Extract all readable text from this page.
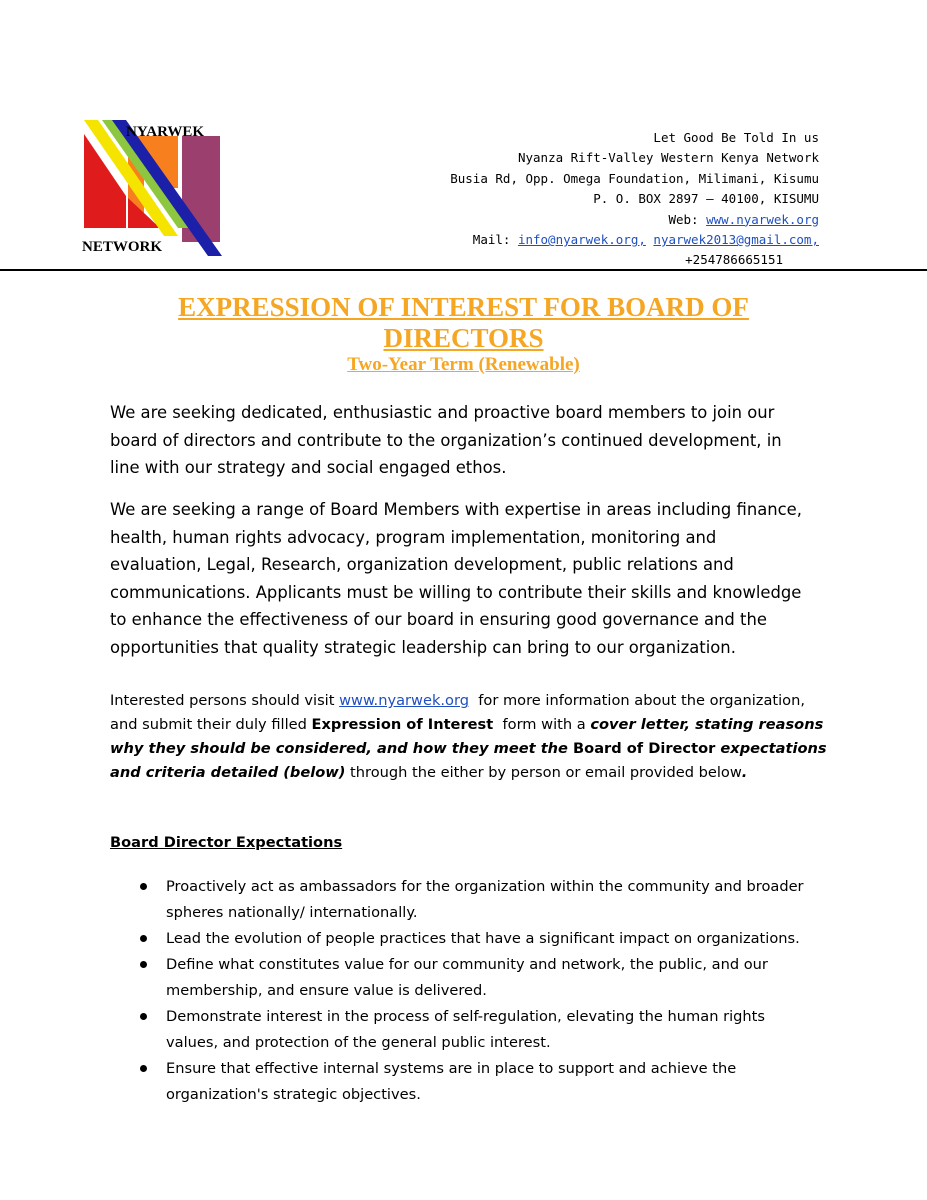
NYARWEK
NETWORK
Let Good Be Told In us
Nyanza Rift-Valley Western Kenya Network
Busia Rd, Opp. Omega Foundation, Milimani, Kisumu
P. O. BOX 2897 – 40100, KISUMU
Web: www.nyarwek.org
Mail: info@nyarwek.org, nyarwek2013@gmail.com,
+254786665151
EXPRESSION OF INTEREST FOR BOARD OF DIRECTORS
Two-Year Term (Renewable)
We are seeking dedicated, enthusiastic and proactive board members to join our board of directors and contribute to the organization’s continued development, in line with our strategy and social engaged ethos.
We are seeking a range of Board Members with expertise in areas including finance, health, human rights advocacy, program implementation, monitoring and evaluation, Legal, Research, organization development, public relations and communications. Applicants must be willing to contribute their skills and knowledge to enhance the effectiveness of our board in ensuring good governance and the opportunities that quality strategic leadership can bring to our organization.
Interested persons should visit www.nyarwek.org  for more information about the organization, and submit their duly filled Expression of Interest  form with a cover letter, stating reasons why they should be considered, and how they meet the Board of Director expectations and criteria detailed (below) through the either by person or email provided below.
Board Director Expectations
Proactively act as ambassadors for the organization within the community and broader spheres nationally/ internationally.
Lead the evolution of people practices that have a significant impact on organizations.
Define what constitutes value for our community and network, the public, and our membership, and ensure value is delivered.
Demonstrate interest in the process of self-regulation, elevating the human rights values, and protection of the general public interest.
Ensure that effective internal systems are in place to support and achieve the organization's strategic objectives.
